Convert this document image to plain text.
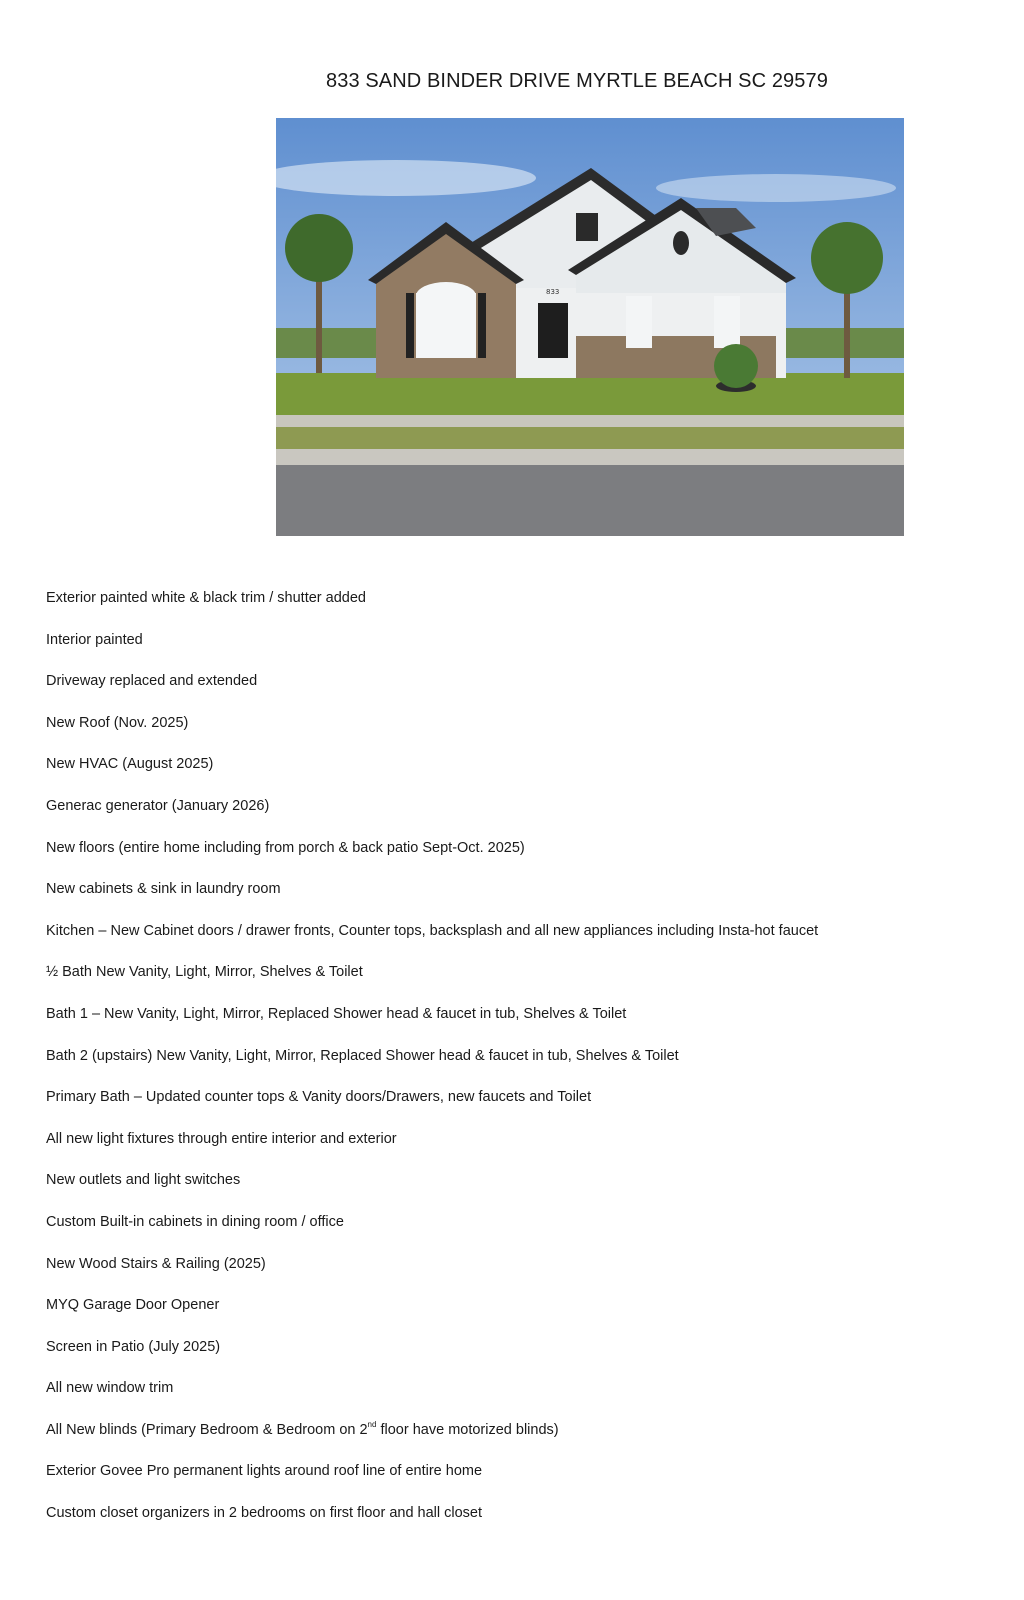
833 SAND BINDER DRIVE MYRTLE BEACH SC 29579
833
Exterior painted white & black trim / shutter added
Interior painted
Driveway replaced and extended
New Roof (Nov. 2025)
New HVAC (August 2025)
Generac generator (January 2026)
New floors (entire home including from porch & back patio Sept-Oct. 2025)
New cabinets & sink in laundry room
Kitchen – New Cabinet doors / drawer fronts, Counter tops, backsplash and all new appliances including Insta-hot faucet
½ Bath New Vanity, Light, Mirror, Shelves & Toilet
Bath 1 – New Vanity, Light, Mirror, Replaced Shower head & faucet in tub, Shelves & Toilet
Bath 2 (upstairs) New Vanity, Light, Mirror, Replaced Shower head & faucet in tub, Shelves & Toilet
Primary Bath – Updated counter tops & Vanity doors/Drawers, new faucets and Toilet
All new light fixtures through entire interior and exterior
New outlets and light switches
Custom Built-in cabinets in dining room / office
New Wood Stairs & Railing (2025)
MYQ Garage Door Opener
Screen in Patio (July 2025)
All new window trim
All New blinds (Primary Bedroom & Bedroom on 2nd floor have motorized blinds)
Exterior Govee Pro permanent lights around roof line of entire home
Custom closet organizers in 2 bedrooms on first floor and hall closet
